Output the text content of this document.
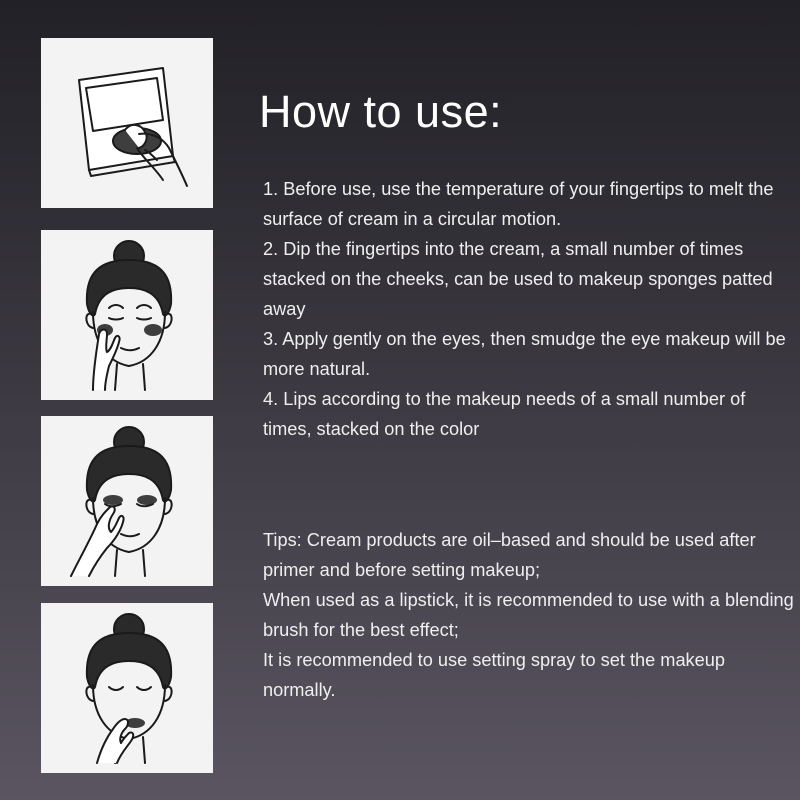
How to use:

1. Before use, use the temperature of your fingertips to melt the surface of cream in a circular motion.

2. Dip the fingertips into the cream, a small number of times stacked on the cheeks, can be used to makeup sponges patted away

3. Apply gently on the eyes, then smudge the eye makeup will be more natural.

4. Lips according to the makeup needs of a small number of times, stacked on the color

Tips: Cream products are oil–based and should be used after primer and before setting makeup;

When used as a lipstick, it is recommended to use with a blending brush for the best effect;

It is recommended to use setting spray to set the makeup normally.
